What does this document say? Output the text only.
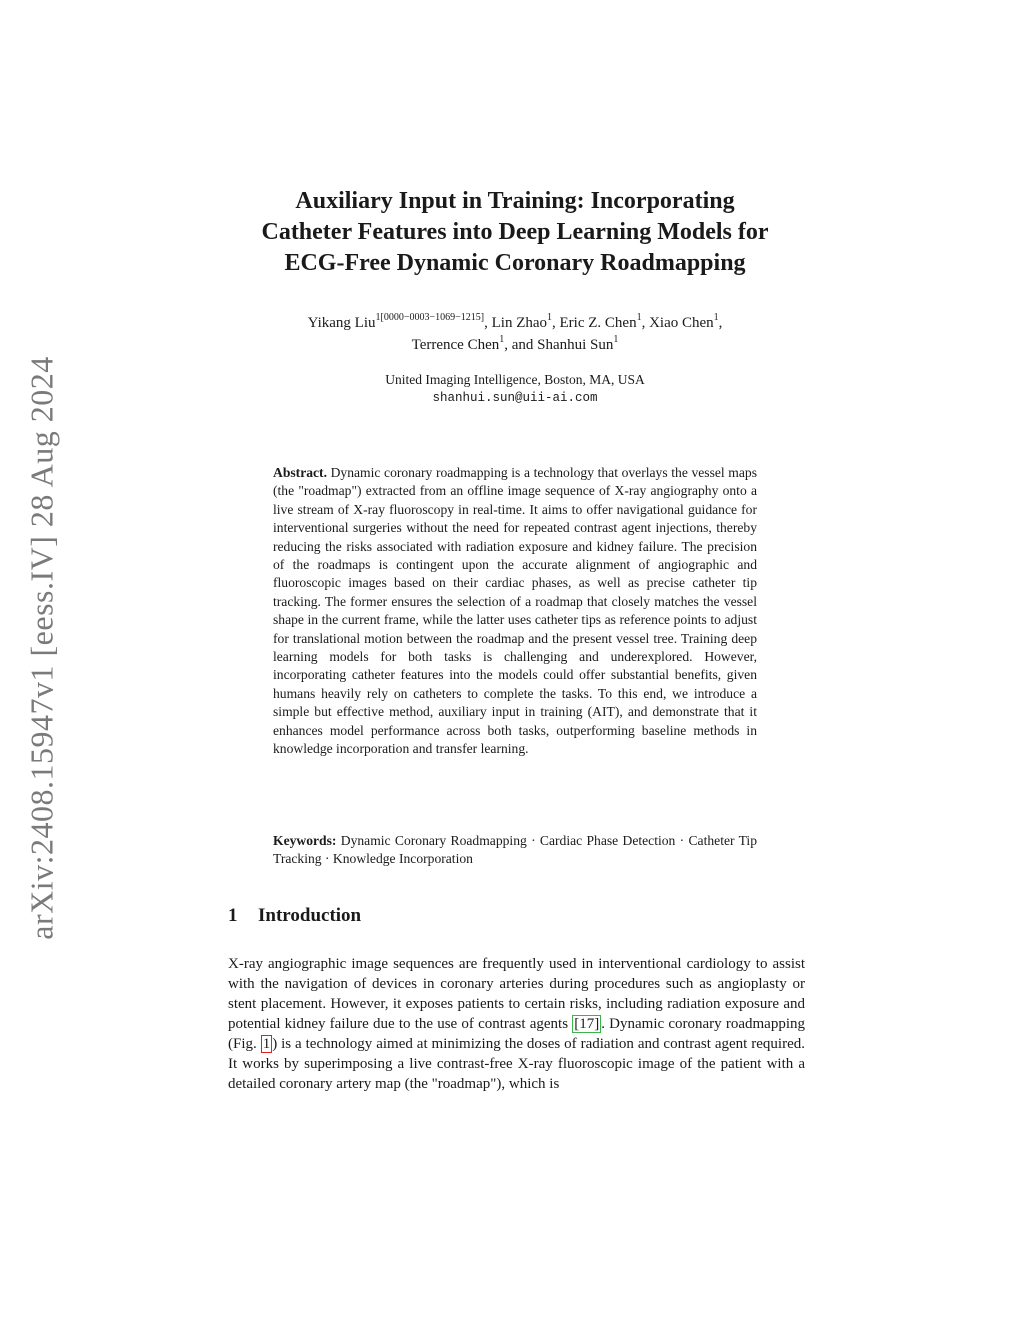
arXiv:2408.15947v1 [eess.IV] 28 Aug 2024
Auxiliary Input in Training: Incorporating
Catheter Features into Deep Learning Models for
ECG-Free Dynamic Coronary Roadmapping

Yikang Liu$^{1[0000-0003-1069-1215]}$, Lin Zhao$^1$, Eric Z. Chen$^1$, Xiao Chen$^1$,
Terrence Chen$^1$, and Shanhui Sun$^1$

United Imaging Intelligence, Boston, MA, USA
shanhui.sun@uii-ai.com

Abstract. Dynamic coronary roadmapping is a technology that overlays the vessel maps (the "roadmap") extracted from an offline image sequence of X-ray angiography onto a live stream of X-ray fluoroscopy in real-time. It aims to offer navigational guidance for interventional surgeries without the need for repeated contrast agent injections, thereby reducing the risks associated with radiation exposure and kidney failure. The precision of the roadmaps is contingent upon the accurate alignment of angiographic and fluoroscopic images based on their cardiac phases, as well as precise catheter tip tracking. The former ensures the selection of a roadmap that closely matches the vessel shape in the current frame, while the latter uses catheter tips as reference points to adjust for translational motion between the roadmap and the present vessel tree. Training deep learning models for both tasks is challenging and underexplored. However, incorporating catheter features into the models could offer substantial benefits, given humans heavily rely on catheters to complete the tasks. To this end, we introduce a simple but effective method, auxiliary input in training (AIT), and demonstrate that it enhances model performance across both tasks, outperforming baseline methods in knowledge incorporation and transfer learning.

Keywords: Dynamic Coronary Roadmapping · Cardiac Phase Detection · Catheter Tip Tracking · Knowledge Incorporation

1 Introduction

X-ray angiographic image sequences are frequently used in interventional cardiology to assist with the navigation of devices in coronary arteries during procedures such as angioplasty or stent placement. However, it exposes patients to certain risks, including radiation exposure and potential kidney failure due to the use of contrast agents [17] . Dynamic coronary roadmapping (Fig. 1 ) is a technology aimed at minimizing the doses of radiation and contrast agent required. It works by superimposing a live contrast-free X-ray fluoroscopic image of the patient with a detailed coronary artery map (the "roadmap"), which is
